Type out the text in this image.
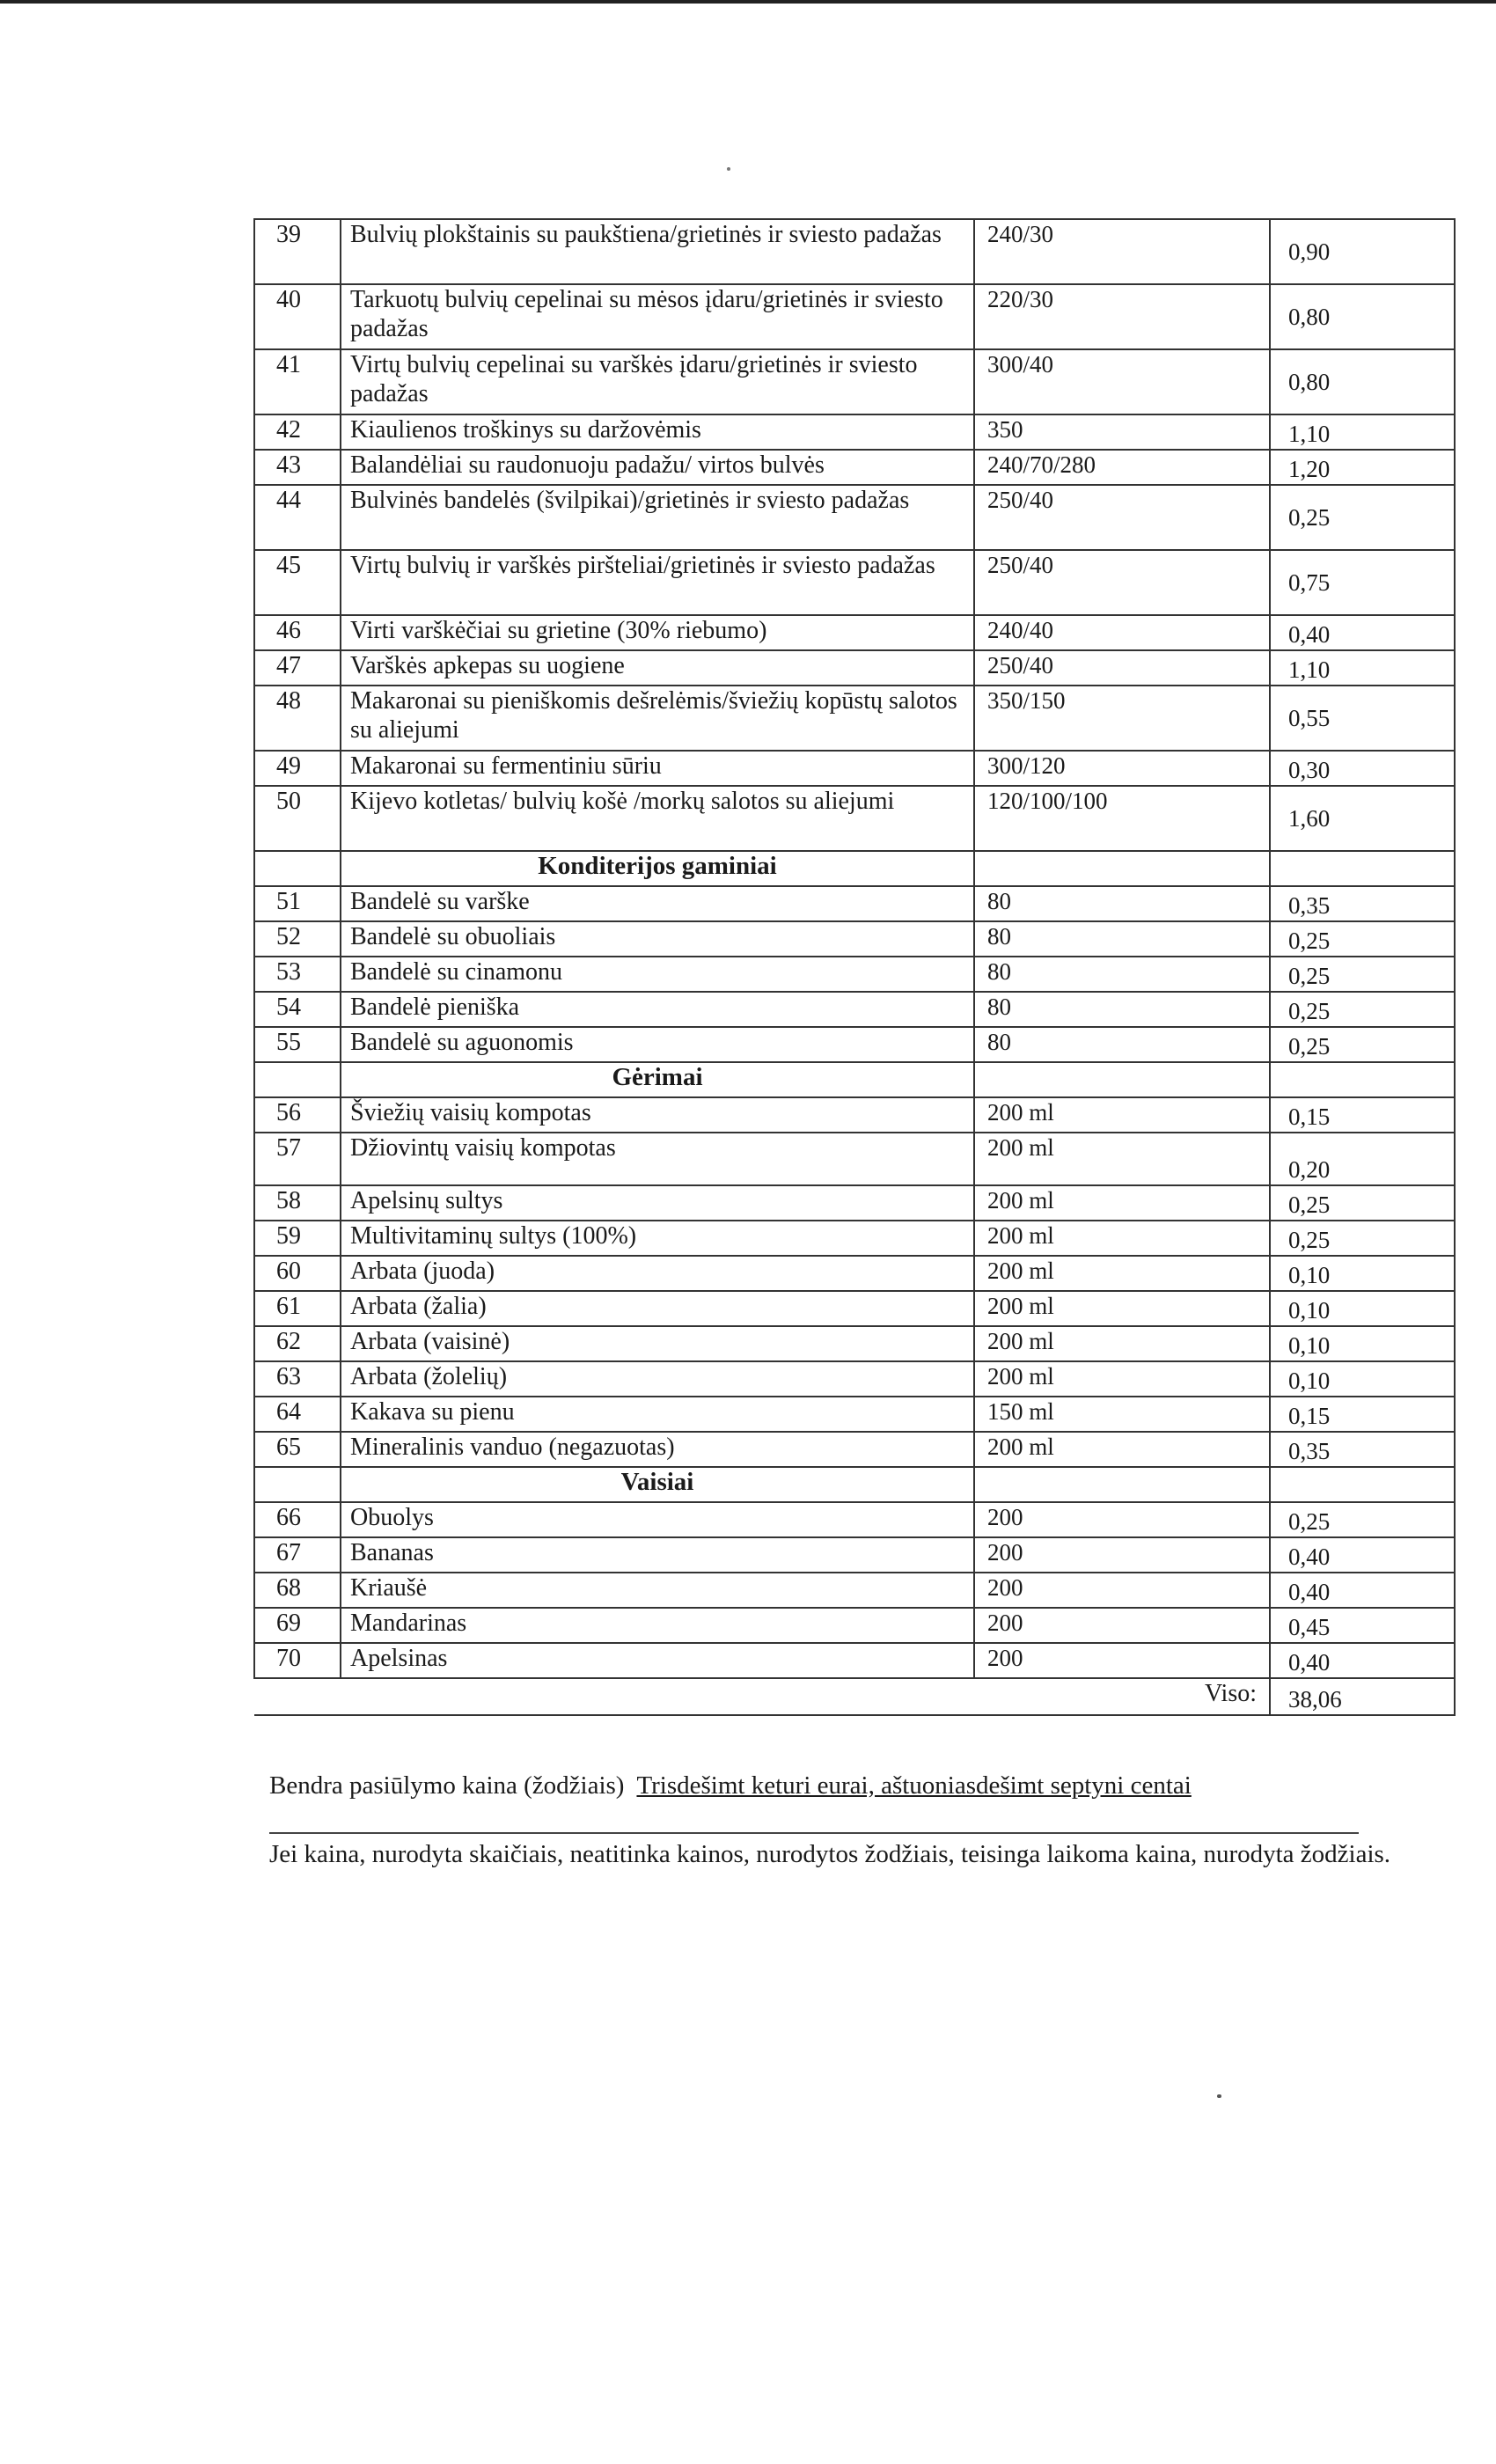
39	Bulvių plokštainis su paukštiena/grietinės ir sviesto padažas	240/30	0,90
40	Tarkuotų bulvių cepelinai su mėsos įdaru/grietinės ir sviesto padažas	220/30	0,80
41	Virtų bulvių cepelinai su varškės įdaru/grietinės ir sviesto padažas	300/40	0,80
42	Kiaulienos troškinys su daržovėmis	350	1,10
43	Balandėliai su raudonuoju padažu/ virtos bulvės	240/70/280	1,20
44	Bulvinės bandelės (švilpikai)/grietinės ir sviesto padažas	250/40	0,25
45	Virtų bulvių ir varškės piršteliai/grietinės ir sviesto padažas	250/40	0,75
46	Virti varškėčiai su grietine (30% riebumo)	240/40	0,40
47	Varškės apkepas su uogiene	250/40	1,10
48	Makaronai su pieniškomis dešrelėmis/šviežių kopūstų salotos su aliejumi	350/150	0,55
49	Makaronai su fermentiniu sūriu	300/120	0,30
50	Kijevo kotletas/ bulvių košė /morkų salotos su aliejumi	120/100/100	1,60
	Konditerijos gaminiai		
51	Bandelė su varške	80	0,35
52	Bandelė su obuoliais	80	0,25
53	Bandelė su cinamonu	80	0,25
54	Bandelė pieniška	80	0,25
55	Bandelė su aguonomis	80	0,25
	Gėrimai		
56	Šviežių vaisių kompotas	200 ml	0,15
57	Džiovintų vaisių kompotas	200 ml	0,20
58	Apelsinų sultys	200 ml	0,25
59	Multivitaminų sultys (100%)	200 ml	0,25
60	Arbata (juoda)	200 ml	0,10
61	Arbata (žalia)	200 ml	0,10
62	Arbata (vaisinė)	200 ml	0,10
63	Arbata (žolelių)	200 ml	0,10
64	Kakava su pienu	150 ml	0,15
65	Mineralinis vanduo (negazuotas)	200 ml	0,35
	Vaisiai		
66	Obuolys	200	0,25
67	Bananas	200	0,40
68	Kriaušė	200	0,40
69	Mandarinas	200	0,45
70	Apelsinas	200	0,40
		Viso:	38,06
Bendra pasiūlymo kaina (žodžiais) Trisdešimt keturi eurai, aštuoniasdešimt septyni centai
Jei kaina, nurodyta skaičiais, neatitinka kainos, nurodytos žodžiais, teisinga laikoma kaina, nurodyta žodžiais.
